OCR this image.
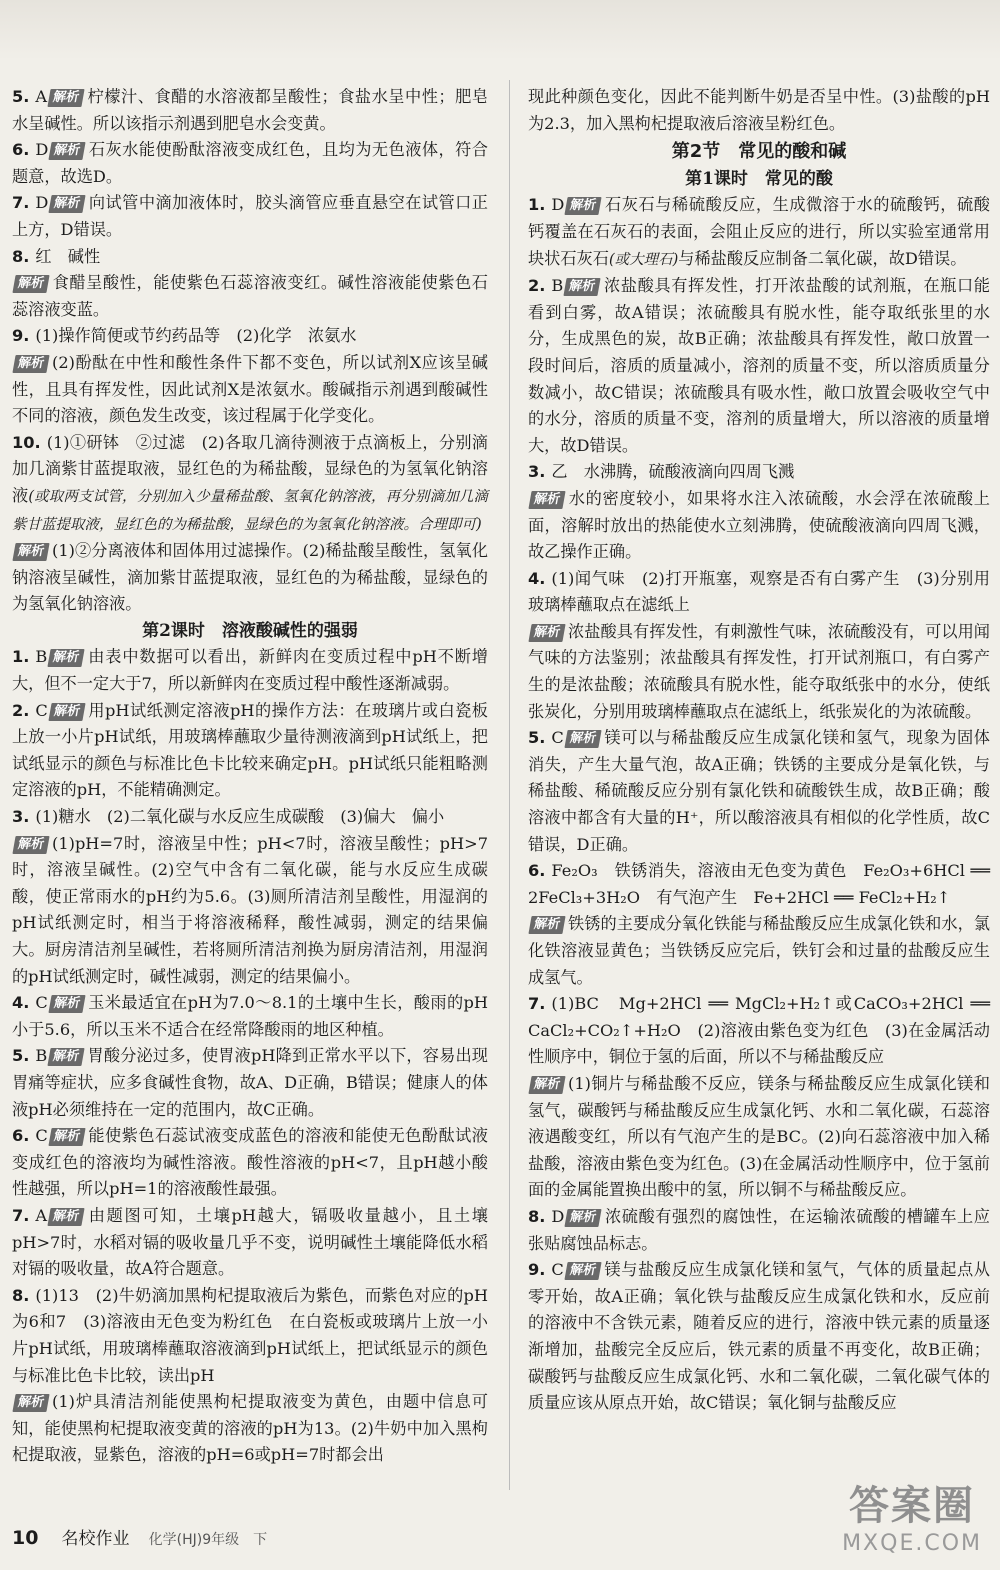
5. A 解析 柠檬汁、食醋的水溶液都呈酸性；食盐水呈中性；肥皂水呈碱性。所以该指示剂遇到肥皂水会变黄。

6. D 解析 石灰水能使酚酞溶液变成红色，且均为无色液体，符合题意，故选D。

7. D 解析 向试管中滴加液体时，胶头滴管应垂直悬空在试管口正上方，D错误。

8. 红　碱性

解析 食醋呈酸性，能使紫色石蕊溶液变红。碱性溶液能使紫色石蕊溶液变蓝。

9. (1)操作简便或节约药品等　(2)化学　浓氨水

解析 (2)酚酞在中性和酸性条件下都不变色，所以试剂X应该呈碱性，且具有挥发性，因此试剂X是浓氨水。酸碱指示剂遇到酸碱性不同的溶液，颜色发生改变，该过程属于化学变化。

10. (1)①研钵　②过滤　(2)各取几滴待测液于点滴板上，分别滴加几滴紫甘蓝提取液，显红色的为稀盐酸，显绿色的为氢氧化钠溶液(或取两支试管，分别加入少量稀盐酸、氢氧化钠溶液，再分别滴加几滴紫甘蓝提取液，显红色的为稀盐酸，显绿色的为氢氧化钠溶液。合理即可)

解析 (1)②分离液体和固体用过滤操作。(2)稀盐酸呈酸性，氢氧化钠溶液呈碱性，滴加紫甘蓝提取液，显红色的为稀盐酸，显绿色的为氢氧化钠溶液。

第2课时　溶液酸碱性的强弱

1. B 解析 由表中数据可以看出，新鲜肉在变质过程中pH不断增大，但不一定大于7，所以新鲜肉在变质过程中酸性逐渐减弱。

2. C 解析 用pH试纸测定溶液pH的操作方法：在玻璃片或白瓷板上放一小片pH试纸，用玻璃棒蘸取少量待测液滴到pH试纸上，把试纸显示的颜色与标准比色卡比较来确定pH。pH试纸只能粗略测定溶液的pH，不能精确测定。

3. (1)糖水　(2)二氧化碳与水反应生成碳酸　(3)偏大　偏小

解析 (1)pH=7时，溶液呈中性；pH<7时，溶液呈酸性；pH>7时，溶液呈碱性。(2)空气中含有二氧化碳，能与水反应生成碳酸，使正常雨水的pH约为5.6。(3)厕所清洁剂呈酸性，用湿润的pH试纸测定时，相当于将溶液稀释，酸性减弱，测定的结果偏大。厨房清洁剂呈碱性，若将厕所清洁剂换为厨房清洁剂，用湿润的pH试纸测定时，碱性减弱，测定的结果偏小。

4. C 解析 玉米最适宜在pH为7.0～8.1的土壤中生长，酸雨的pH小于5.6，所以玉米不适合在经常降酸雨的地区种植。

5. B 解析 胃酸分泌过多，使胃液pH降到正常水平以下，容易出现胃痛等症状，应多食碱性食物，故A、D正确，B错误；健康人的体液pH必须维持在一定的范围内，故C正确。

6. C 解析 能使紫色石蕊试液变成蓝色的溶液和能使无色酚酞试液变成红色的溶液均为碱性溶液。酸性溶液的pH<7，且pH越小酸性越强，所以pH=1的溶液酸性最强。

7. A 解析 由题图可知，土壤pH越大，镉吸收量越小，且土壤pH>7时，水稻对镉的吸收量几乎不变，说明碱性土壤能降低水稻对镉的吸收量，故A符合题意。

8. (1)13　(2)牛奶滴加黑枸杞提取液后为紫色，而紫色对应的pH为6和7　(3)溶液由无色变为粉红色　在白瓷板或玻璃片上放一小片pH试纸，用玻璃棒蘸取溶液滴到pH试纸上，把试纸显示的颜色与标准比色卡比较，读出pH

解析 (1)炉具清洁剂能使黑枸杞提取液变为黄色，由题中信息可知，能使黑枸杞提取液变黄的溶液的pH为13。(2)牛奶中加入黑枸杞提取液，显紫色，溶液的pH=6或pH=7时都会出

现此种颜色变化，因此不能判断牛奶是否呈中性。(3)盐酸的pH为2.3，加入黑枸杞提取液后溶液呈粉红色。

第2节　常见的酸和碱

第1课时　常见的酸

1. D 解析 石灰石与稀硫酸反应，生成微溶于水的硫酸钙，硫酸钙覆盖在石灰石的表面，会阻止反应的进行，所以实验室通常用块状石灰石(或大理石)与稀盐酸反应制备二氧化碳，故D错误。

2. B 解析 浓盐酸具有挥发性，打开浓盐酸的试剂瓶，在瓶口能看到白雾，故A错误；浓硫酸具有脱水性，能夺取纸张里的水分，生成黑色的炭，故B正确；浓盐酸具有挥发性，敞口放置一段时间后，溶质的质量减小，溶剂的质量不变，所以溶质质量分数减小，故C错误；浓硫酸具有吸水性，敞口放置会吸收空气中的水分，溶质的质量不变，溶剂的质量增大，所以溶液的质量增大，故D错误。

3. 乙　水沸腾，硫酸液滴向四周飞溅

解析 水的密度较小，如果将水注入浓硫酸，水会浮在浓硫酸上面，溶解时放出的热能使水立刻沸腾，使硫酸液滴向四周飞溅，故乙操作正确。

4. (1)闻气味　(2)打开瓶塞，观察是否有白雾产生　(3)分别用玻璃棒蘸取点在滤纸上

解析 浓盐酸具有挥发性，有刺激性气味，浓硫酸没有，可以用闻气味的方法鉴别；浓盐酸具有挥发性，打开试剂瓶口，有白雾产生的是浓盐酸；浓硫酸具有脱水性，能夺取纸张中的水分，使纸张炭化，分别用玻璃棒蘸取点在滤纸上，纸张炭化的为浓硫酸。

5. C 解析 镁可以与稀盐酸反应生成氯化镁和氢气，现象为固体消失，产生大量气泡，故A正确；铁锈的主要成分是氧化铁，与稀盐酸、稀硫酸反应分别有氯化铁和硫酸铁生成，故B正确；酸溶液中都含有大量的H⁺，所以酸溶液具有相似的化学性质，故C错误，D正确。

6. Fe₂O₃　铁锈消失，溶液由无色变为黄色　Fe₂O₃+6HCl ══ 2FeCl₃+3H₂O　有气泡产生　Fe+2HCl ══ FeCl₂+H₂↑

解析 铁锈的主要成分氧化铁能与稀盐酸反应生成氯化铁和水，氯化铁溶液显黄色；当铁锈反应完后，铁钉会和过量的盐酸反应生成氢气。

7. (1)BC　Mg+2HCl ══ MgCl₂+H₂↑或CaCO₃+2HCl ══ CaCl₂+CO₂↑+H₂O　(2)溶液由紫色变为红色　(3)在金属活动性顺序中，铜位于氢的后面，所以不与稀盐酸反应

解析 (1)铜片与稀盐酸不反应，镁条与稀盐酸反应生成氯化镁和氢气，碳酸钙与稀盐酸反应生成氯化钙、水和二氧化碳，石蕊溶液遇酸变红，所以有气泡产生的是BC。(2)向石蕊溶液中加入稀盐酸，溶液由紫色变为红色。(3)在金属活动性顺序中，位于氢前面的金属能置换出酸中的氢，所以铜不与稀盐酸反应。

8. D 解析 浓硫酸有强烈的腐蚀性，在运输浓硫酸的槽罐车上应张贴腐蚀品标志。

9. C 解析 镁与盐酸反应生成氯化镁和氢气，气体的质量起点从零开始，故A正确；氧化铁与盐酸反应生成氯化铁和水，反应前的溶液中不含铁元素，随着反应的进行，溶液中铁元素的质量逐渐增加，盐酸完全反应后，铁元素的质量不再变化，故B正确；碳酸钙与盐酸反应生成氯化钙、水和二氧化碳，二氧化碳气体的质量应该从原点开始，故C错误；氧化铜与盐酸反应

10 名校作业 化学(HJ)9年级　下
答案圈
MXQE.COM
